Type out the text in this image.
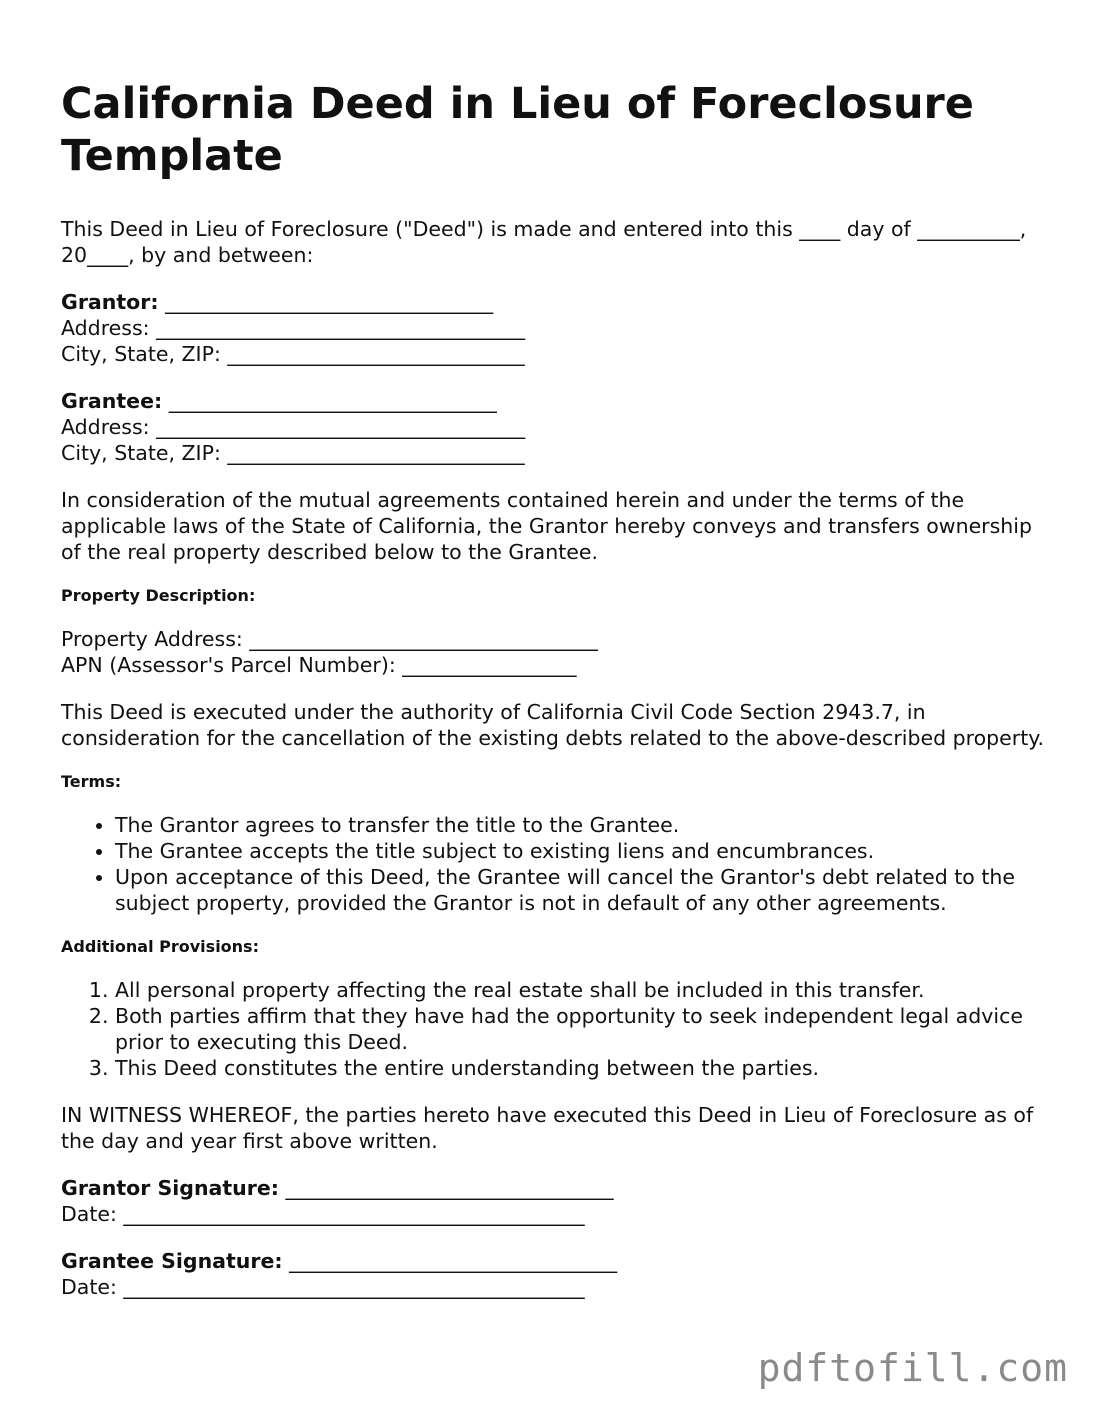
California Deed in Lieu of Foreclosure Template

This Deed in Lieu of Foreclosure ("Deed") is made and entered into this ____ day of __________, 20____, by and between:

Grantor: ________________________________
Address: ____________________________________
City, State, ZIP: _____________________________
Grantee: ________________________________
Address: ____________________________________
City, State, ZIP: _____________________________

In consideration of the mutual agreements contained herein and under the terms of the applicable laws of the State of California, the Grantor hereby conveys and transfers ownership of the real property described below to the Grantee.

Property Description:
Property Address: __________________________________
APN (Assessor's Parcel Number): _________________

This Deed is executed under the authority of California Civil Code Section 2943.7, in consideration for the cancellation of the existing debts related to the above-described property.

Terms:
• The Grantor agrees to transfer the title to the Grantee.
• The Grantee accepts the title subject to existing liens and encumbrances.
• Upon acceptance of this Deed, the Grantee will cancel the Grantor's debt related to the subject property, provided the Grantor is not in default of any other agreements.
Additional Provisions:
1. All personal property affecting the real estate shall be included in this transfer.
2. Both parties affirm that they have had the opportunity to seek independent legal advice prior to executing this Deed.
3. This Deed constitutes the entire understanding between the parties.

IN WITNESS WHEREOF, the parties hereto have executed this Deed in Lieu of Foreclosure as of the day and year first above written.

Grantor Signature: ________________________________
Date: _____________________________________________
Grantee Signature: ________________________________
Date: _____________________________________________
pdftofill.com
